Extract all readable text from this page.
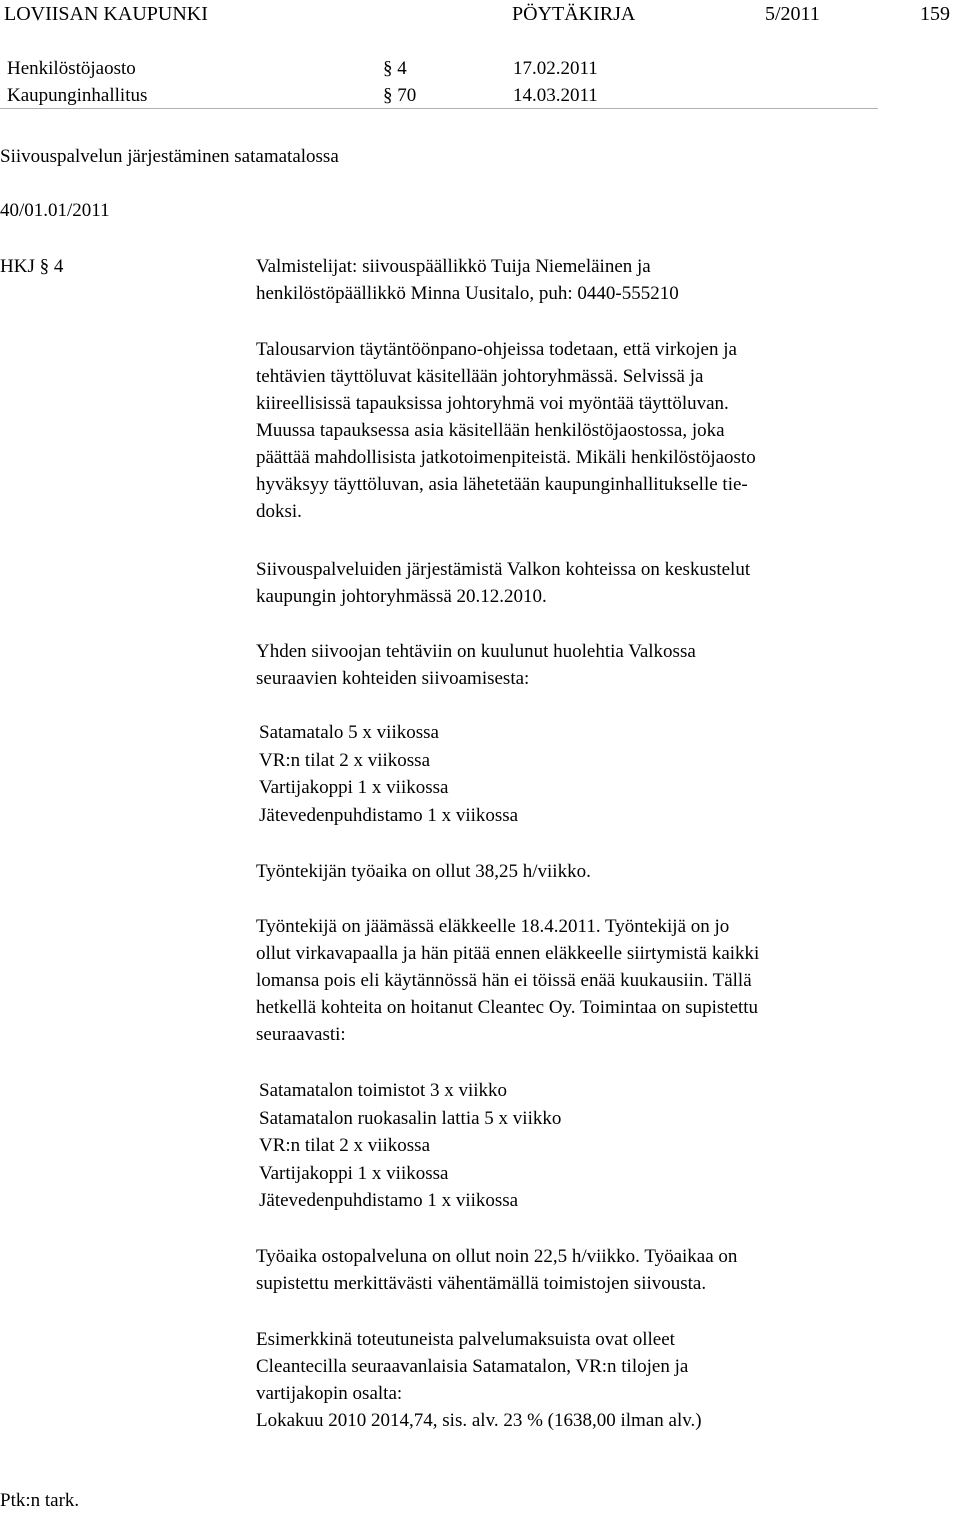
LOVIISAN KAUPUNKI	PÖYTÄKIRJA	5/2011	159
Henkilöstöjaosto	§ 4	17.02.2011
Kaupunginhallitus	§ 70	14.03.2011
Siivouspalvelun järjestäminen satamatalossa
40/01.01/2011
HKJ § 4	Valmistelijat: siivouspäällikkö Tuija Niemeläinen ja
henkilöstöpäällikkö Minna Uusitalo, puh: 0440-555210
Talousarvion täytäntöönpano-ohjeissa todetaan, että virkojen ja
tehtävien täyttöluvat käsitellään johtoryhmässä. Selvissä ja
kiireellisissä tapauksissa johtoryhmä voi myöntää täyttöluvan.
Muussa tapauksessa asia käsitellään henkilöstöjaostossa, joka
päättää mahdollisista jatkotoimenpiteistä. Mikäli henkilöstöjaosto
hyväksyy täyttöluvan, asia lähetetään kaupunginhallitukselle tie-
doksi.
Siivouspalveluiden järjestämistä Valkon kohteissa on keskustelut
kaupungin johtoryhmässä 20.12.2010.
Yhden siivoojan tehtäviin on kuulunut huolehtia Valkossa
seuraavien kohteiden siivoamisesta:
Satamatalo 5 x viikossa
VR:n tilat 2 x viikossa
Vartijakoppi 1 x viikossa
Jätevedenpuhdistamo 1 x viikossa
Työntekijän työaika on ollut 38,25 h/viikko.
Työntekijä on jäämässä eläkkeelle 18.4.2011. Työntekijä on jo
ollut virkavapaalla ja hän pitää ennen eläkkeelle siirtymistä kaikki
lomansa pois eli käytännössä hän ei töissä enää kuukausiin. Tällä
hetkellä kohteita on hoitanut Cleantec Oy. Toimintaa on supistettu
seuraavasti:
Satamatalon toimistot 3 x viikko
Satamatalon ruokasalin lattia 5 x viikko
VR:n tilat 2 x viikossa
Vartijakoppi 1 x viikossa
Jätevedenpuhdistamo 1 x viikossa
Työaika ostopalveluna on ollut noin 22,5 h/viikko. Työaikaa on
supistettu merkittävästi vähentämällä toimistojen siivousta.
Esimerkkinä toteutuneista palvelumaksuista ovat olleet
Cleantecilla seuraavanlaisia Satamatalon, VR:n tilojen ja
vartijakopin osalta:
Lokakuu 2010 2014,74, sis. alv. 23 % (1638,00 ilman alv.)
Ptk:n tark.
